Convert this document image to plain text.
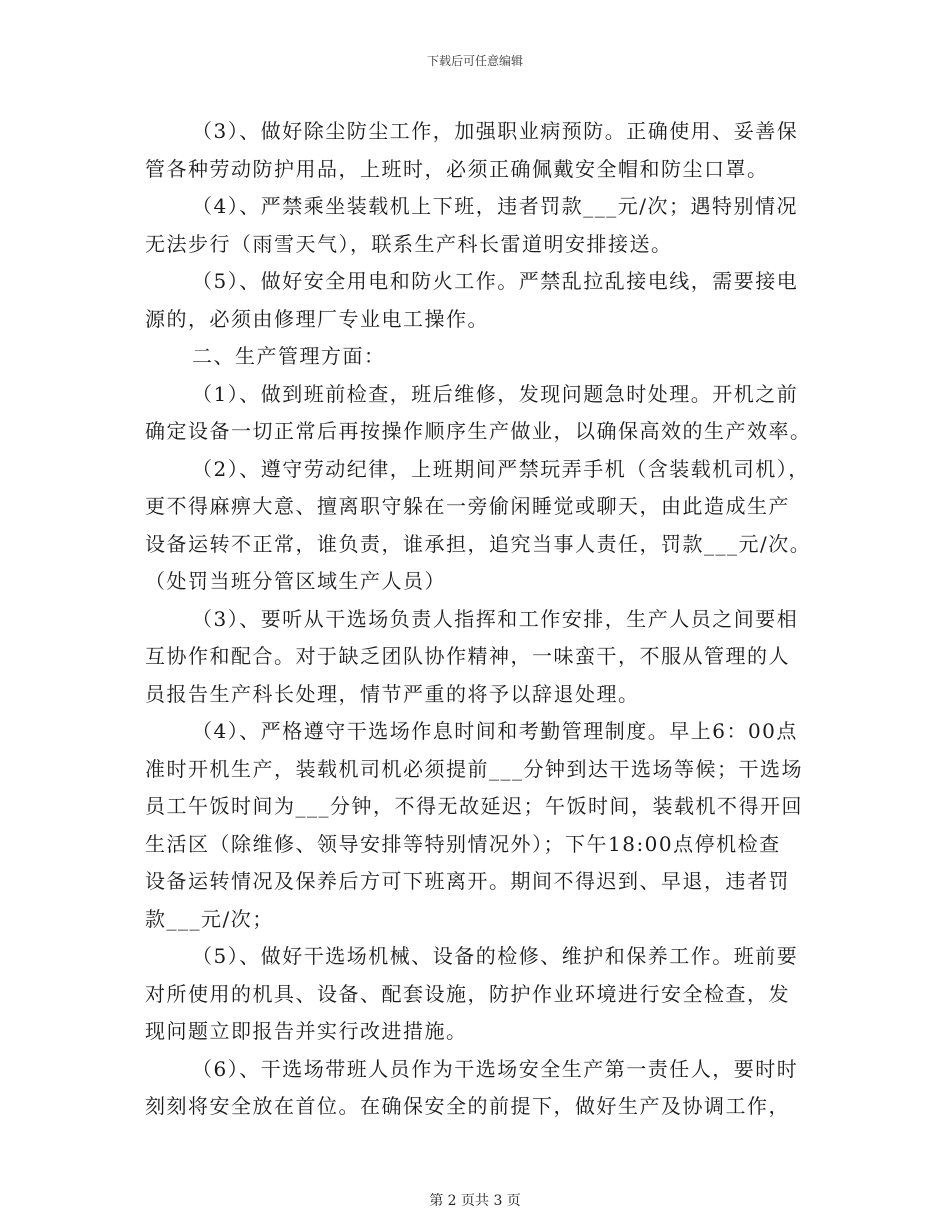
下载后可任意编辑
（3）、做好除尘防尘工作，加强职业病预防。正确使用、妥善保
管各种劳动防护用品，上班时，必须正确佩戴安全帽和防尘口罩。
（4）、严禁乘坐装载机上下班，违者罚款___元/次；遇特别情况
无法步行（雨雪天气），联系生产科长雷道明安排接送。
（5）、做好安全用电和防火工作。严禁乱拉乱接电线，需要接电
源的，必须由修理厂专业电工操作。
二、生产管理方面：
（1）、做到班前检查，班后维修，发现问题急时处理。开机之前
确定设备一切正常后再按操作顺序生产做业，以确保高效的生产效率。
（2）、遵守劳动纪律，上班期间严禁玩弄手机（含装载机司机），
更不得麻痹大意、擅离职守躲在一旁偷闲睡觉或聊天，由此造成生产
设备运转不正常，谁负责，谁承担，追究当事人责任，罚款___元/次。
（处罚当班分管区域生产人员）
（3）、要听从干选场负责人指挥和工作安排，生产人员之间要相
互协作和配合。对于缺乏团队协作精神，一味蛮干，不服从管理的人
员报告生产科长处理，情节严重的将予以辞退处理。
（4）、严格遵守干选场作息时间和考勤管理制度。早上6：00点
准时开机生产，装载机司机必须提前___分钟到达干选场等候；干选场
员工午饭时间为___分钟，不得无故延迟；午饭时间，装载机不得开回
生活区（除维修、领导安排等特别情况外）；下午18:00点停机检查
设备运转情况及保养后方可下班离开。期间不得迟到、早退，违者罚
款___元/次；
（5）、做好干选场机械、设备的检修、维护和保养工作。班前要
对所使用的机具、设备、配套设施，防护作业环境进行安全检查，发
现问题立即报告并实行改进措施。
（6）、干选场带班人员作为干选场安全生产第一责任人，要时时
刻刻将安全放在首位。在确保安全的前提下，做好生产及协调工作，
第 2 页共 3 页
